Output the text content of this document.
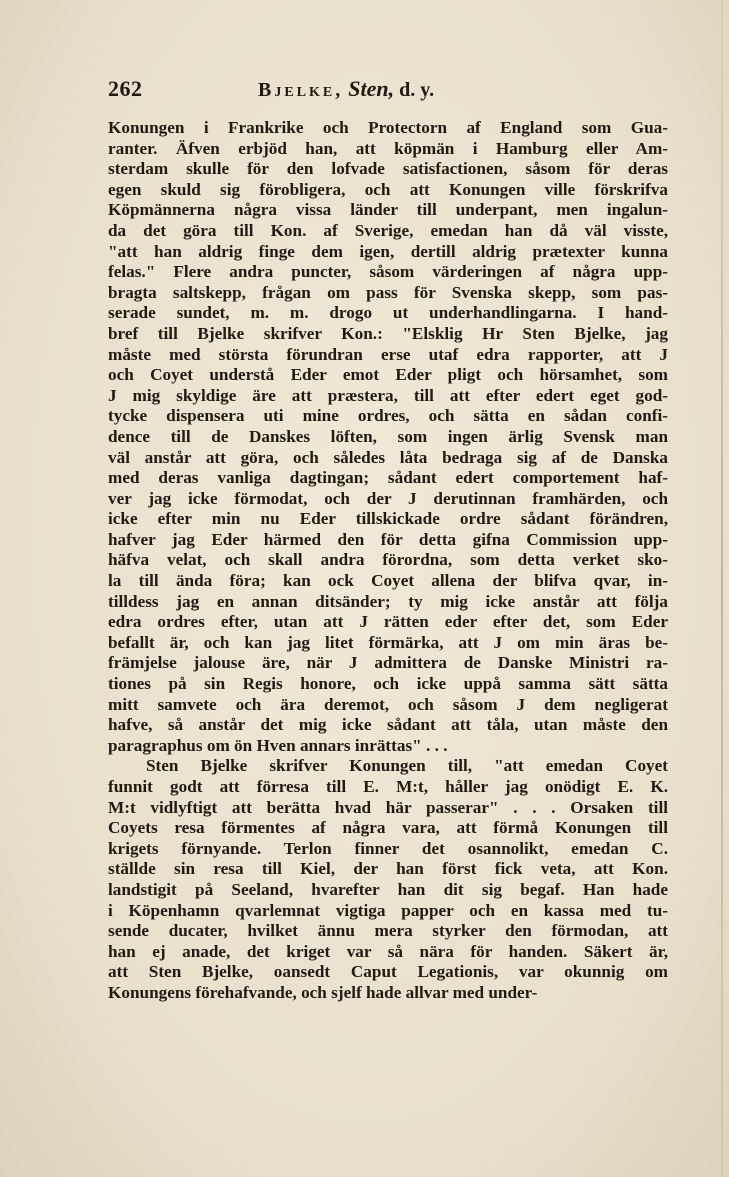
262	Bjelke, Sten, d. y.
Konungen i Frankrike och Protectorn af England som Gua-
ranter. Äfven erbjöd han, att köpmän i Hamburg eller Am-
sterdam skulle för den lofvade satisfactionen, såsom för deras
egen skuld sig förobligera, och att Konungen ville förskrifva
Köpmännerna några vissa länder till underpant, men ingalun-
da det göra till Kon. af Sverige, emedan han då väl visste,
"att han aldrig finge dem igen, dertill aldrig prætexter kunna
felas." Flere andra puncter, såsom värderingen af några upp-
bragta saltskepp, frågan om pass för Svenska skepp, som pas-
serade sundet, m. m. drogo ut underhandlingarna. I hand-
bref till Bjelke skrifver Kon.: "Elsklig Hr Sten Bjelke, jag
måste med största förundran erse utaf edra rapporter, att J
och Coyet understå Eder emot Eder pligt och hörsamhet, som
J mig skyldige äre att præstera, till att efter edert eget god-
tycke dispensera uti mine ordres, och sätta en sådan confi-
dence till de Danskes löften, som ingen ärlig Svensk man
väl anstår att göra, och således låta bedraga sig af de Danska
med deras vanliga dagtingan; sådant edert comportement haf-
ver jag icke förmodat, och der J derutinnan framhärden, och
icke efter min nu Eder tillskickade ordre sådant förändren,
hafver jag Eder härmed den för detta gifna Commission upp-
häfva velat, och skall andra förordna, som detta verket sko-
la till ända föra; kan ock Coyet allena der blifva qvar, in-
tilldess jag en annan ditsänder; ty mig icke anstår att följa
edra ordres efter, utan att J rätten eder efter det, som Eder
befallt är, och kan jag litet förmärka, att J om min äras be-
främjelse jalouse äre, när J admittera de Danske Ministri ra-
tiones på sin Regis honore, och icke uppå samma sätt sätta
mitt samvete och ära deremot, och såsom J dem negligerat
hafve, så anstår det mig icke sådant att tåla, utan måste den
paragraphus om ön Hven annars inrättas" . . .
Sten Bjelke skrifver Konungen till, "att emedan Coyet
funnit godt att förresa till E. M:t, håller jag onödigt E. K.
M:t vidlyftigt att berätta hvad här passerar" . . . Orsaken till
Coyets resa förmentes af några vara, att förmå Konungen till
krigets förnyande. Terlon finner det osannolikt, emedan C.
ställde sin resa till Kiel, der han först fick veta, att Kon.
landstigit på Seeland, hvarefter han dit sig begaf. Han hade
i Köpenhamn qvarlemnat vigtiga papper och en kassa med tu-
sende ducater, hvilket ännu mera styrker den förmodan, att
han ej anade, det kriget var så nära för handen. Säkert är,
att Sten Bjelke, oansedt Caput Legationis, var okunnig om
Konungens förehafvande, och sjelf hade allvar med under-
